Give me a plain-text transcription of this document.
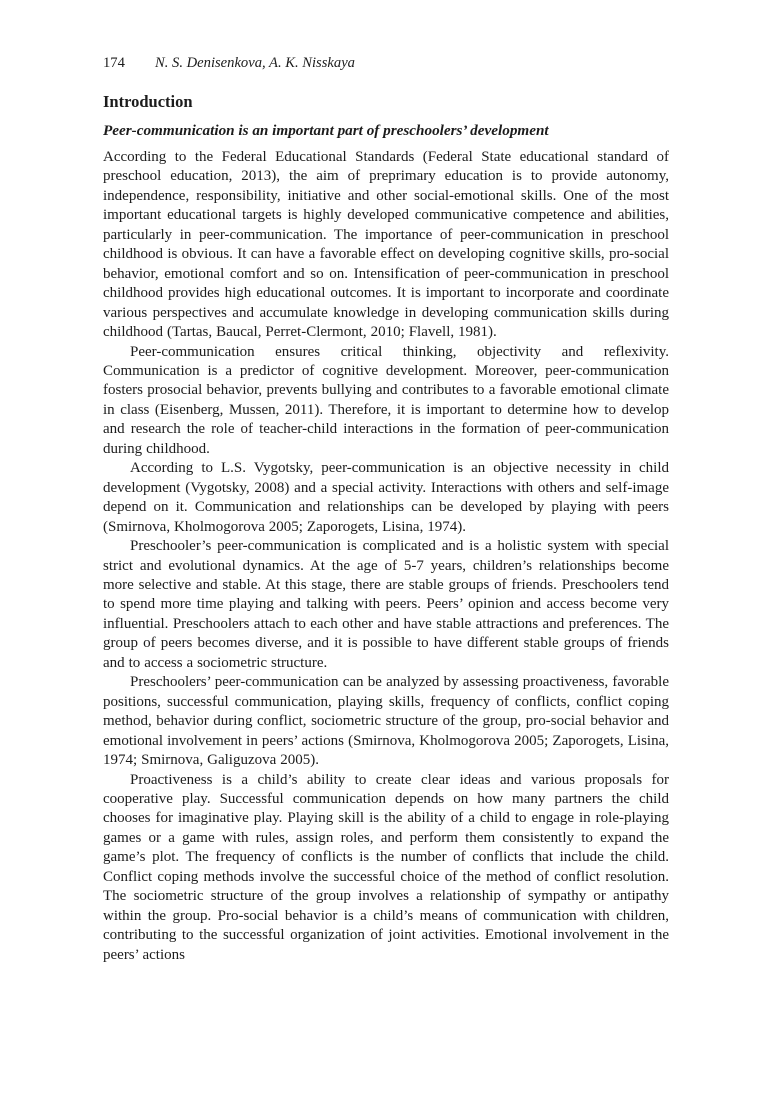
174	N. S. Denisenkova, A. K. Nisskaya
Introduction
Peer-communication is an important part of preschoolers’ development

According to the Federal Educational Standards (Federal State educational standard of preschool education, 2013), the aim of preprimary education is to provide autonomy, independence, responsibility, initiative and other social-emotional skills. One of the most important educational targets is highly developed communicative competence and abilities, particularly in peer-communication. The importance of peer-communication in preschool childhood is obvious. It can have a favorable effect on developing cognitive skills, pro-social behavior, emotional comfort and so on. Intensification of peer-communication in preschool childhood provides high educational outcomes. It is important to incorporate and coordinate various perspectives and accumulate knowledge in developing communication skills during childhood (Tartas, Baucal, Perret-Clermont, 2010; Flavell, 1981).

Peer-communication ensures critical thinking, objectivity and reflexivity. Communication is a predictor of cognitive development. Moreover, peer-communication fosters prosocial behavior, prevents bullying and contributes to a favorable emotional climate in class (Eisenberg, Mussen, 2011). Therefore, it is important to determine how to develop and research the role of teacher-child interactions in the formation of peer-communication during childhood.

According to L.S. Vygotsky, peer-communication is an objective necessity in child development (Vygotsky, 2008) and a special activity. Interactions with others and self-image depend on it. Communication and relationships can be developed by playing with peers (Smirnova, Kholmogorova 2005; Zaporogets, Lisina, 1974).

Preschooler’s peer-communication is complicated and is a holistic system with special strict and evolutional dynamics. At the age of 5-7 years, children’s relationships become more selective and stable. At this stage, there are stable groups of friends. Preschoolers tend to spend more time playing and talking with peers. Peers’ opinion and access become very influential. Preschoolers attach to each other and have stable attractions and preferences. The group of peers becomes diverse, and it is possible to have different stable groups of friends and to access a sociometric structure.

Preschoolers’ peer-communication can be analyzed by assessing proactiveness, favorable positions, successful communication, playing skills, frequency of conflicts, conflict coping method, behavior during conflict, sociometric structure of the group, pro-social behavior and emotional involvement in peers’ actions (Smirnova, Kholmogorova 2005; Zaporogets, Lisina, 1974; Smirnova, Galiguzova 2005).

Proactiveness is a child’s ability to create clear ideas and various proposals for cooperative play. Successful communication depends on how many partners the child chooses for imaginative play. Playing skill is the ability of a child to engage in role-playing games or a game with rules, assign roles, and perform them consistently to expand the game’s plot. The frequency of conflicts is the number of conflicts that include the child. Conflict coping methods involve the successful choice of the method of conflict resolution. The sociometric structure of the group involves a relationship of sympathy or antipathy within the group. Pro-social behavior is a child’s means of communication with children, contributing to the successful organization of joint activities. Emotional involvement in the peers’ actions
